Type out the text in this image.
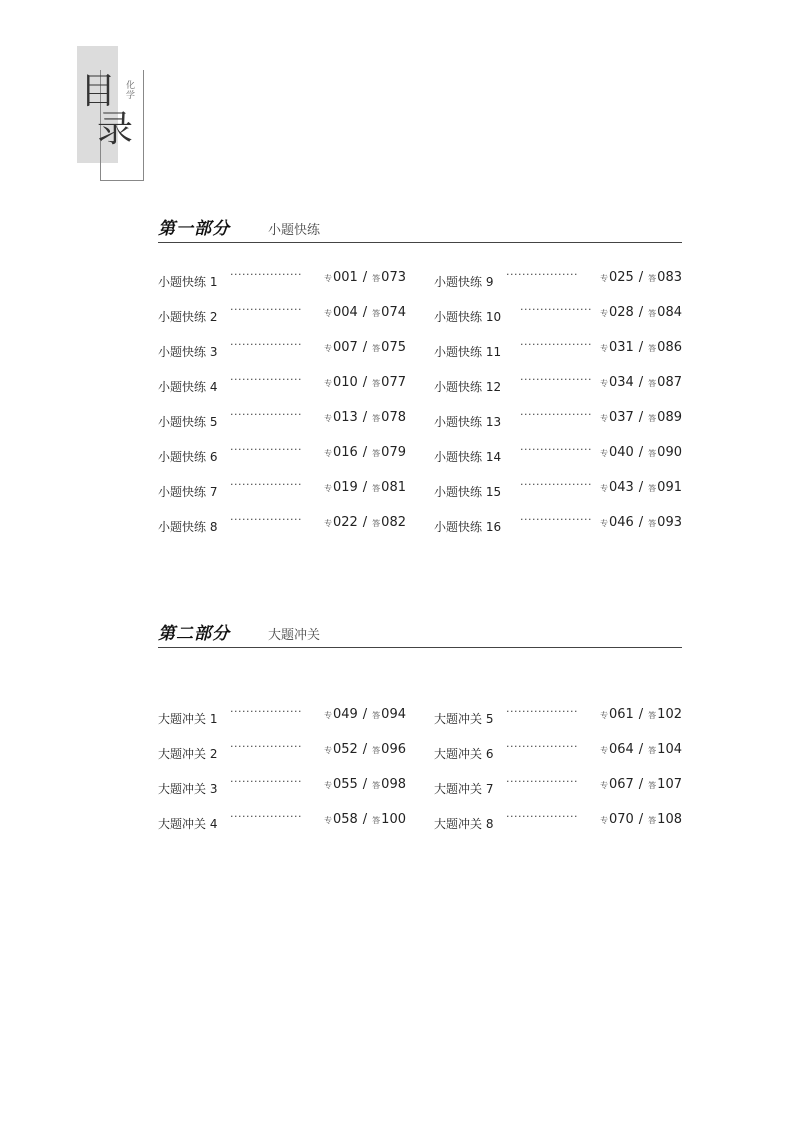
目
录
化学
第一部分	小题快练
第二部分	大题冲关
小题快练 1
··················	专001 / 答073
小题快练 2
··················	专004 / 答074
小题快练 3
··················	专007 / 答075
小题快练 4
··················	专010 / 答077
小题快练 5
··················	专013 / 答078
小题快练 6
··················	专016 / 答079
小题快练 7
··················	专019 / 答081
小题快练 8
··················	专022 / 答082
小题快练 9
··················	专025 / 答083
小题快练 10
·················· 专028 / 答084
小题快练 11
·················· 专031 / 答086
小题快练 12
·················· 专034 / 答087
小题快练 13
·················· 专037 / 答089
小题快练 14
·················· 专040 / 答090
小题快练 15
·················· 专043 / 答091
小题快练 16
·················· 专046 / 答093
大题冲关 1
··················	专049 / 答094
大题冲关 2
··················	专052 / 答096
大题冲关 3
··················	专055 / 答098
大题冲关 4
··················	专058 / 答100
大题冲关 5
··················	专061 / 答102
大题冲关 6
··················	专064 / 答104
大题冲关 7
··················	专067 / 答107
大题冲关 8
··················	专070 / 答108
